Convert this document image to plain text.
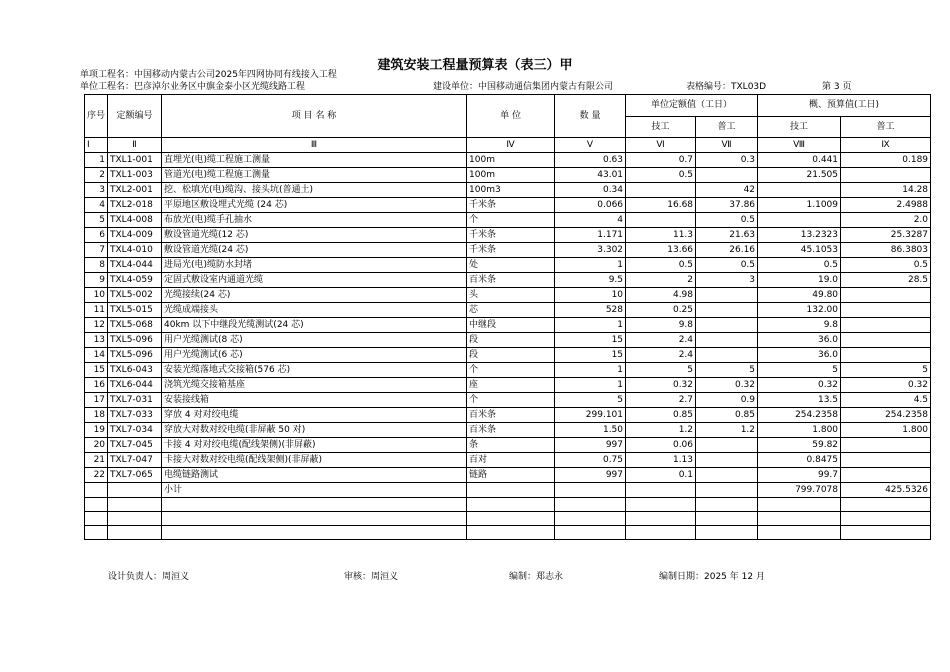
建筑安装工程量预算表（表三）甲
单项工程名：中国移动内蒙古公司2025年四网协同有线接入工程
单位工程名：巴彦淖尔业务区中旗金泰小区光缆线路工程	建设单位：中国移动通信集团内蒙古有限公司	表格编号：TXL03D	第 3 页
序号	定额编号	项 目 名 称	单 位	数 量	单位定额值（工日）		概、预算值(工日)	
					技工	普工	技工	普工
Ⅰ	Ⅱ	Ⅲ	Ⅳ	Ⅴ	Ⅵ	Ⅶ	Ⅷ	Ⅸ
1	TXL1-001	直埋光(电)缆工程施工测量	100m	0.63	0.7	0.3	0.441	0.189
2	TXL1-003	管道光(电)缆工程施工测量	100m	43.01	0.5		21.505	
3	TXL2-001	挖、松填光(电)缆沟、接头坑(普通土)	100m3	0.34		42		14.28
4	TXL2-018	平原地区敷设埋式光缆 (24 芯)	千米条	0.066	16.68	37.86	1.1009	2.4988
5	TXL4-008	布放光(电)缆手孔抽水	个	4		0.5		2.0
6	TXL4-009	敷设管道光缆(12 芯)	千米条	1.171	11.3	21.63	13.2323	25.3287
7	TXL4-010	敷设管道光缆(24 芯)	千米条	3.302	13.66	26.16	45.1053	86.3803
8	TXL4-044	进局光(电)缆防水封堵	处	1	0.5	0.5	0.5	0.5
9	TXL4-059	定固式敷设室内通道光缆	百米条	9.5	2	3	19.0	28.5
10	TXL5-002	光缆接续(24 芯)	头	10	4.98		49.80	
11	TXL5-015	光缆成端接头	芯	528	0.25		132.00	
12	TXL5-068	40km 以下中继段光缆测试(24 芯)	中继段	1	9.8		9.8	
13	TXL5-096	用户光缆测试(8 芯)	段	15	2.4		36.0	
14	TXL5-096	用户光缆测试(6 芯)	段	15	2.4		36.0	
15	TXL6-043	安装光缆落地式交接箱(576 芯)	个	1	5	5	5	5
16	TXL6-044	浇筑光缆交接箱基座	座	1	0.32	0.32	0.32	0.32
17	TXL7-031	安装接线箱	个	5	2.7	0.9	13.5	4.5
18	TXL7-033	穿放 4 对对绞电缆	百米条	299.101	0.85	0.85	254.2358	254.2358
19	TXL7-034	穿放大对数对绞电缆(非屏蔽 50 对)	百米条	1.50	1.2	1.2	1.800	1.800
20	TXL7-045	卡接 4 对对绞电缆(配线架侧)(非屏蔽)	条	997	0.06		59.82	
21	TXL7-047	卡接大对数对绞电缆(配线架侧)(非屏蔽)	百对	0.75	1.13		0.8475	
22	TXL7-065	电缆链路测试	链路	997	0.1		99.7	
		小计					799.7078	425.5326

设计负责人：周洹义	审核：周洹义	编制：郑志永	编制日期：2025 年 12 月
